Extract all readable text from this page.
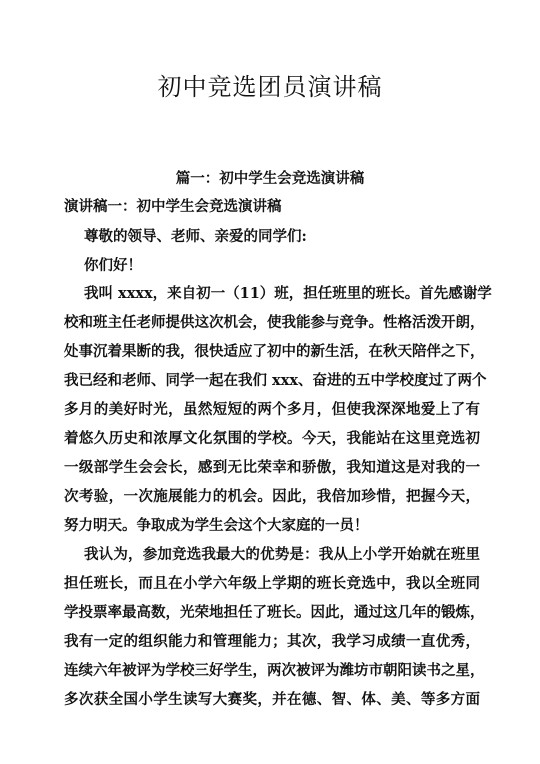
初中竞选团员演讲稿
篇一：初中学生会竞选演讲稿
演讲稿一：初中学生会竞选演讲稿
尊敬的领导、老师、亲爱的同学们:
你们好！
我叫 xxxx，来自初一（11）班，担任班里的班长。首先感谢学
校和班主任老师提供这次机会，使我能参与竞争。性格活泼开朗，
处事沉着果断的我，很快适应了初中的新生活，在秋天陪伴之下，
我已经和老师、同学一起在我们 xxx、奋进的五中学校度过了两个
多月的美好时光，虽然短短的两个多月，但使我深深地爱上了有
着悠久历史和浓厚文化氛围的学校。今天，我能站在这里竞选初
一级部学生会会长，感到无比荣幸和骄傲，我知道这是对我的一
次考验，一次施展能力的机会。因此，我倍加珍惜，把握今天，
努力明天。争取成为学生会这个大家庭的一员！
我认为，参加竞选我最大的优势是：我从上小学开始就在班里
担任班长，而且在小学六年级上学期的班长竞选中，我以全班同
学投票率最高数，光荣地担任了班长。因此，通过这几年的锻炼，
我有一定的组织能力和管理能力；其次，我学习成绩一直优秀，
连续六年被评为学校三好学生，两次被评为潍坊市朝阳读书之星，
多次获全国小学生读写大赛奖，并在德、智、体、美、等多方面
